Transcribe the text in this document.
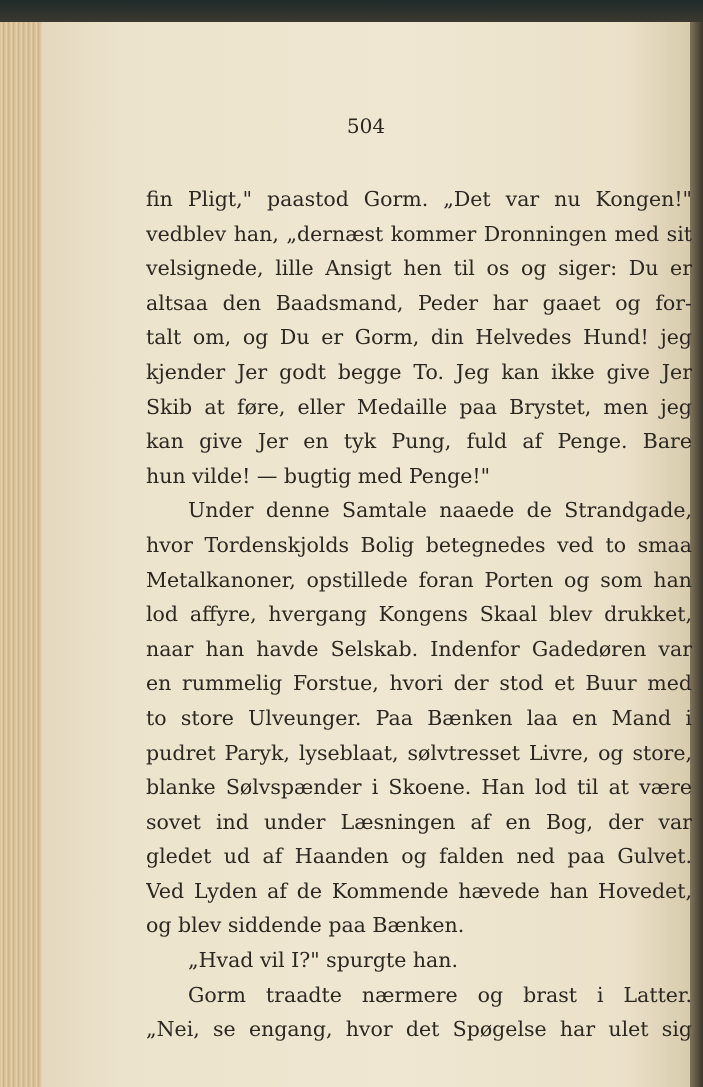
504

fin Pligt," paastod Gorm. „Det var nu Kongen!"
vedblev han, „dernæst kommer Dronningen med sit
velsignede, lille Ansigt hen til os og siger: Du er
altsaa den Baadsmand, Peder har gaaet og for-
talt om, og Du er Gorm, din Helvedes Hund! jeg
kjender Jer godt begge To. Jeg kan ikke give Jer
Skib at føre, eller Medaille paa Brystet, men jeg
kan give Jer en tyk Pung, fuld af Penge. Bare
hun vilde! — bugtig med Penge!"
Under denne Samtale naaede de Strandgade,
hvor Tordenskjolds Bolig betegnedes ved to smaa
Metalkanoner, opstillede foran Porten og som han
lod affyre, hvergang Kongens Skaal blev drukket,
naar han havde Selskab. Indenfor Gadedøren var
en rummelig Forstue, hvori der stod et Buur med
to store Ulveunger. Paa Bænken laa en Mand i
pudret Paryk, lyseblaat, sølvtresset Livre, og store,
blanke Sølvspænder i Skoene. Han lod til at være
sovet ind under Læsningen af en Bog, der var
gledet ud af Haanden og falden ned paa Gulvet.
Ved Lyden af de Kommende hævede han Hovedet,
og blev siddende paa Bænken.
„Hvad vil I?" spurgte han.
Gorm traadte nærmere og brast i Latter.
„Nei, se engang, hvor det Spøgelse har ulet sig
